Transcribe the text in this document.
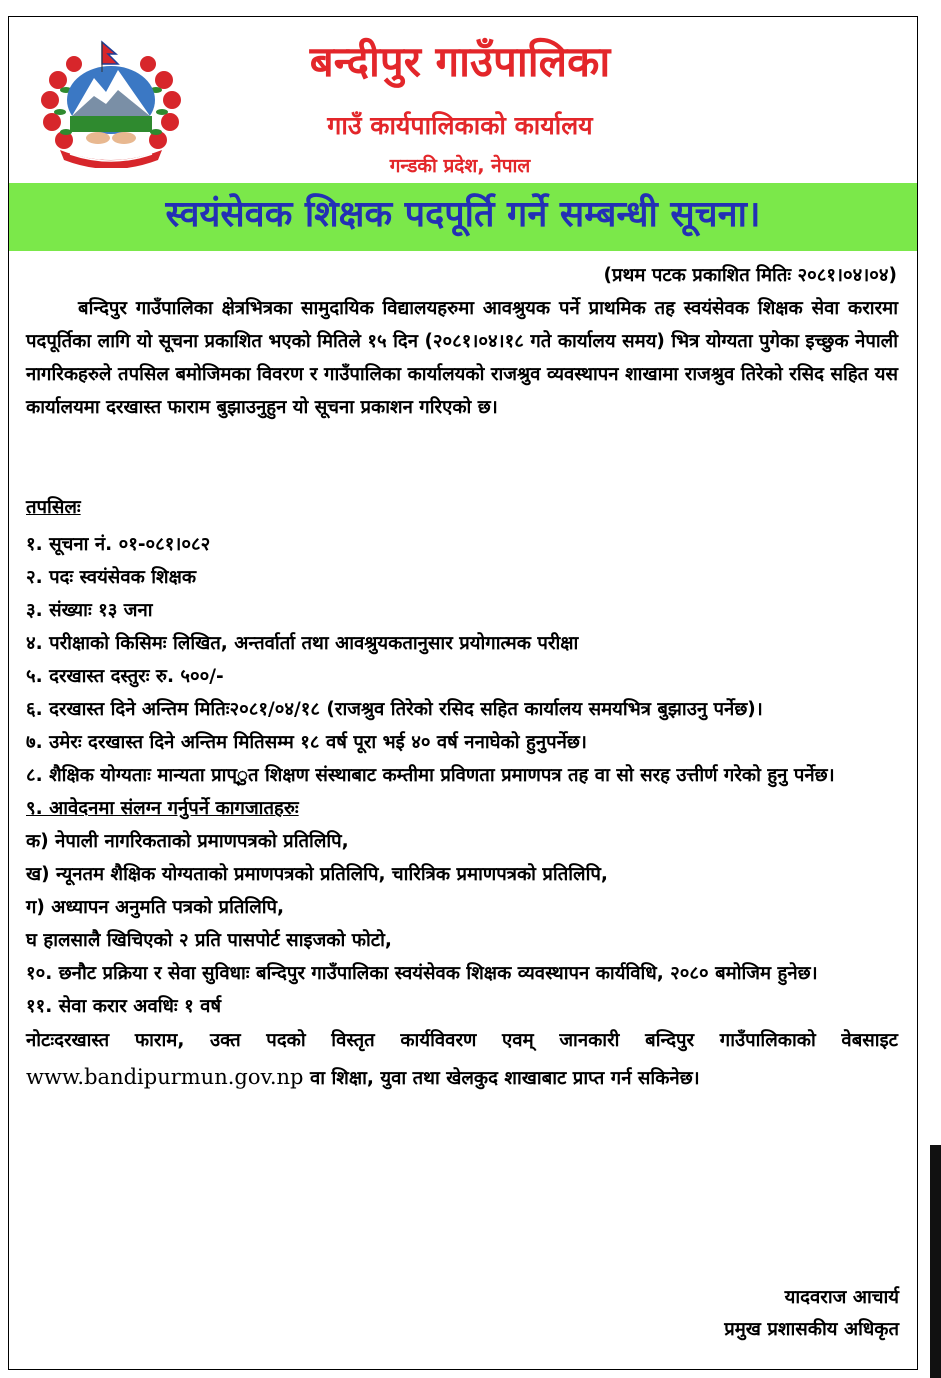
बन्दीपुर गाउँपालिका
गाउँ कार्यपालिकाको कार्यालय
गन्डकी प्रदेश, नेपाल
स्वयंसेवक शिक्षक पदपूर्ति गर्ने सम्बन्धी सूचना।
(प्रथम पटक प्रकाशित मितिः २०८१।०४।०४)
बन्दिपुर गाउँपालिका क्षेत्रभित्रका सामुदायिक विद्यालयहरुमा आवश्रुयक पर्ने प्राथमिक तह स्वयंसेवक शिक्षक सेवा करारमा पदपूर्तिका लागि यो सूचना प्रकाशित भएको मितिले १५ दिन (२०८१।०४।१८ गते कार्यालय समय) भित्र योग्यता पुगेका इच्छुक नेपाली नागरिकहरुले तपसिल बमोजिमका विवरण र गाउँपालिका कार्यालयको राजश्रुव व्यवस्थापन शाखामा राजश्रुव तिरेको रसिद सहित यस कार्यालयमा दरखास्त फाराम बुझाउनुहुन यो सूचना प्रकाशन गरिएको छ।
तपसिलः
१. सूचना नं. ०१-०८१।०८२
२. पदः स्वयंसेवक शिक्षक
३. संख्याः १३ जना
४. परीक्षाको किसिमः लिखित, अन्तर्वार्ता तथा आवश्रुयकतानुसार प्रयोगात्मक परीक्षा
५. दरखास्त दस्तुरः रु. ५००/-
६. दरखास्त दिने अन्तिम मितिः२०८१/०४/१८ (राजश्रुव तिरेको रसिद सहित कार्यालय समयभित्र बुझाउनु पर्नेछ)।
७. उमेरः दरखास्त दिने अन्तिम मितिसम्म १८ वर्ष पूरा भई ४० वर्ष ननाघेको हुनुपर्नेछ।
८. शैक्षिक योग्यताः मान्यता प्राप्ुत शिक्षण संस्थाबाट कम्तीमा प्रविणता प्रमाणपत्र तह वा सो सरह उत्तीर्ण गरेको हुनु पर्नेछ।
९. आवेदनमा संलग्न गर्नुपर्ने कागजातहरुः
क) नेपाली नागरिकताको प्रमाणपत्रको प्रतिलिपि,
ख) न्यूनतम शैक्षिक योग्यताको प्रमाणपत्रको प्रतिलिपि, चारित्रिक प्रमाणपत्रको प्रतिलिपि,
ग) अध्यापन अनुमति पत्रको प्रतिलिपि,
घ हालसालै खिचिएको २ प्रति पासपोर्ट साइजको फोटो,
१०. छनौट प्रक्रिया र सेवा सुविधाः बन्दिपुर गाउँपालिका स्वयंसेवक शिक्षक व्यवस्थापन कार्यविधि, २०८० बमोजिम हुनेछ।
११. सेवा करार अवधिः १ वर्ष
नोटःदरखास्त फाराम, उक्त पदको विस्तृत कार्यविवरण एवम् जानकारी बन्दिपुर गाउँपालिकाको वेबसाइट www.bandipurmun.gov.np वा शिक्षा, युवा तथा खेलकुद शाखाबाट प्राप्त गर्न सकिनेछ।
यादवराज आचार्य
प्रमुख प्रशासकीय अधिकृत
